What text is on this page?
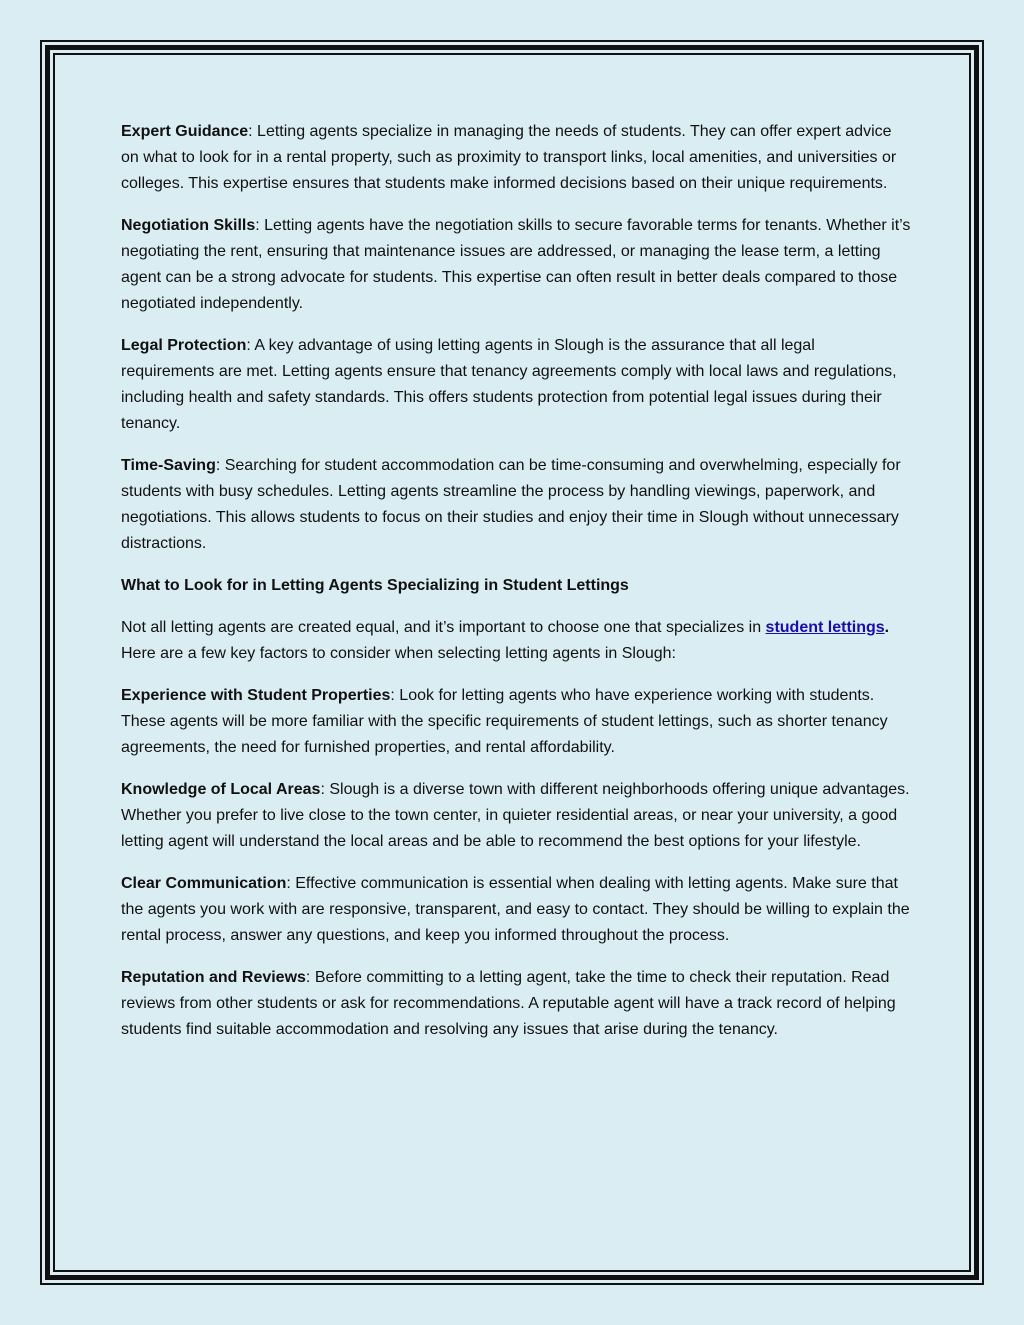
Expert Guidance: Letting agents specialize in managing the needs of students. They can offer expert advice on what to look for in a rental property, such as proximity to transport links, local amenities, and universities or colleges. This expertise ensures that students make informed decisions based on their unique requirements.

Negotiation Skills: Letting agents have the negotiation skills to secure favorable terms for tenants. Whether it’s negotiating the rent, ensuring that maintenance issues are addressed, or managing the lease term, a letting agent can be a strong advocate for students. This expertise can often result in better deals compared to those negotiated independently.

Legal Protection: A key advantage of using letting agents in Slough is the assurance that all legal requirements are met. Letting agents ensure that tenancy agreements comply with local laws and regulations, including health and safety standards. This offers students protection from potential legal issues during their tenancy.

Time-Saving: Searching for student accommodation can be time-consuming and overwhelming, especially for students with busy schedules. Letting agents streamline the process by handling viewings, paperwork, and negotiations. This allows students to focus on their studies and enjoy their time in Slough without unnecessary distractions.

What to Look for in Letting Agents Specializing in Student Lettings

Not all letting agents are created equal, and it’s important to choose one that specializes in student lettings. Here are a few key factors to consider when selecting letting agents in Slough:

Experience with Student Properties: Look for letting agents who have experience working with students. These agents will be more familiar with the specific requirements of student lettings, such as shorter tenancy agreements, the need for furnished properties, and rental affordability.

Knowledge of Local Areas: Slough is a diverse town with different neighborhoods offering unique advantages. Whether you prefer to live close to the town center, in quieter residential areas, or near your university, a good letting agent will understand the local areas and be able to recommend the best options for your lifestyle.

Clear Communication: Effective communication is essential when dealing with letting agents. Make sure that the agents you work with are responsive, transparent, and easy to contact. They should be willing to explain the rental process, answer any questions, and keep you informed throughout the process.

Reputation and Reviews: Before committing to a letting agent, take the time to check their reputation. Read reviews from other students or ask for recommendations. A reputable agent will have a track record of helping students find suitable accommodation and resolving any issues that arise during the tenancy.
